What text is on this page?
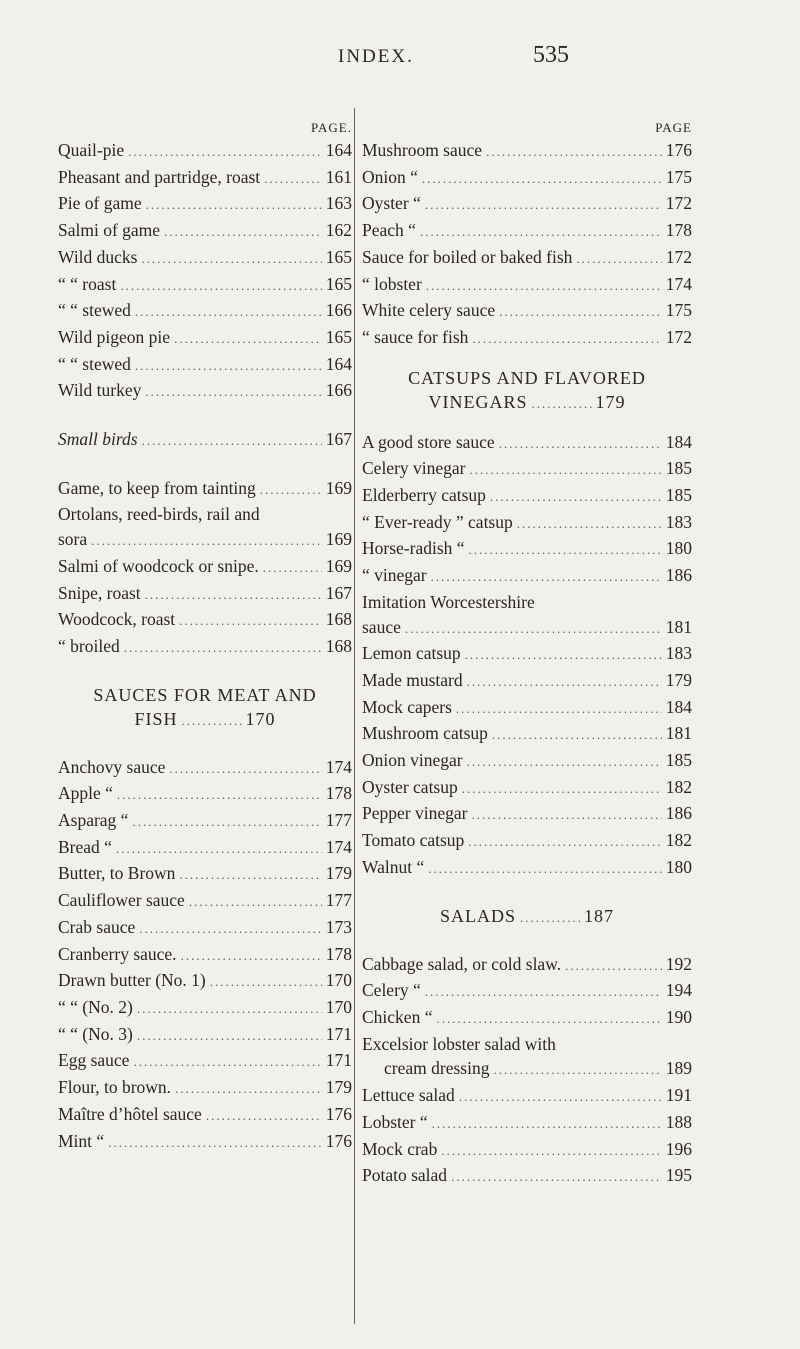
INDEX.	535
PAGE.
Quail-pie .....	164
Pheasant and partridge, roast .....	161
Pie of game .....	163
Salmi of game .....	162
Wild ducks .....	165
“ “ roast .....	165
“ “ stewed .....	166
Wild pigeon pie .....	165
“ “ stewed .....	164
Wild turkey .....	166
Small birds .....	167
Game, to keep from tainting .....	169
Ortolans, reed-birds, rail and
sora .....	169
Salmi of woodcock or snipe. .....	169
Snipe, roast .....	167
Woodcock, roast .....	168
“ broiled .....	168
SAUCES FOR MEAT AND
FISH .....	170
Anchovy sauce .....	174
Apple “ .....	178
Asparag “ .....	177
Bread “ .....	174
Butter, to Brown .....	179
Cauliflower sauce .....	177
Crab sauce .....	173
Cranberry sauce. .....	178
Drawn butter (No. 1) .....	170
“ “ (No. 2) .....	170
“ “ (No. 3) .....	171
Egg sauce .....	171
Flour, to brown. .....	179
Maître d’hôtel sauce .....	176
Mint “ .....	176
PAGE
Mushroom sauce .....	176
Onion “ .....	175
Oyster “ .....	172
Peach “ .....	178
Sauce for boiled or baked fish .....	172
“ lobster .....	174
White celery sauce .....	175
“ sauce for fish .....	172
CATSUPS AND FLAVORED
VINEGARS .....	179
A good store sauce .....	184
Celery vinegar .....	185
Elderberry catsup .....	185
“ Ever-ready ” catsup .....	183
Horse-radish “ .....	180
“ vinegar .....	186
Imitation Worcestershire
sauce .....	181
Lemon catsup .....	183
Made mustard .....	179
Mock capers .....	184
Mushroom catsup .....	181
Onion vinegar .....	185
Oyster catsup .....	182
Pepper vinegar .....	186
Tomato catsup .....	182
Walnut “ .....	180
SALADS .....	187
Cabbage salad, or cold slaw. .....	192
Celery “ .....	194
Chicken “ .....	190
Excelsior lobster salad with
cream dressing .....	189
Lettuce salad .....	191
Lobster “ .....	188
Mock crab .....	196
Potato salad .....	195
